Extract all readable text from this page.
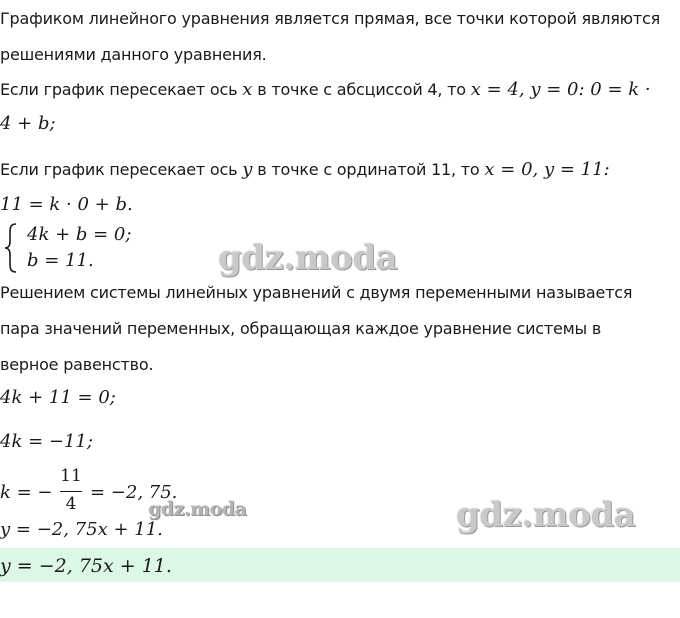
Графиком линейного уравнения является прямая, все точки которой являются
решениями данного уравнения.
Если график пересекает ось x в точке с абсциссой 4, то x = 4, y = 0: 0 = k ·
4 + b;
Если график пересекает ось y в точке с ординатой 11, то x = 0, y = 11:
11 = k · 0 + b.
4k + b = 0;
b = 11.	gdz.moda
Решением системы линейных уравнений с двумя переменными называется
пара значений переменных, обращающая каждое уравнение системы в
верное равенство.
4k + 11 = 0;
4k = −11;
k = −
11
4
= −2, 75.
gdz.moda
y = −2, 75x + 11.	gdz.moda
y = −2, 75x + 11.
